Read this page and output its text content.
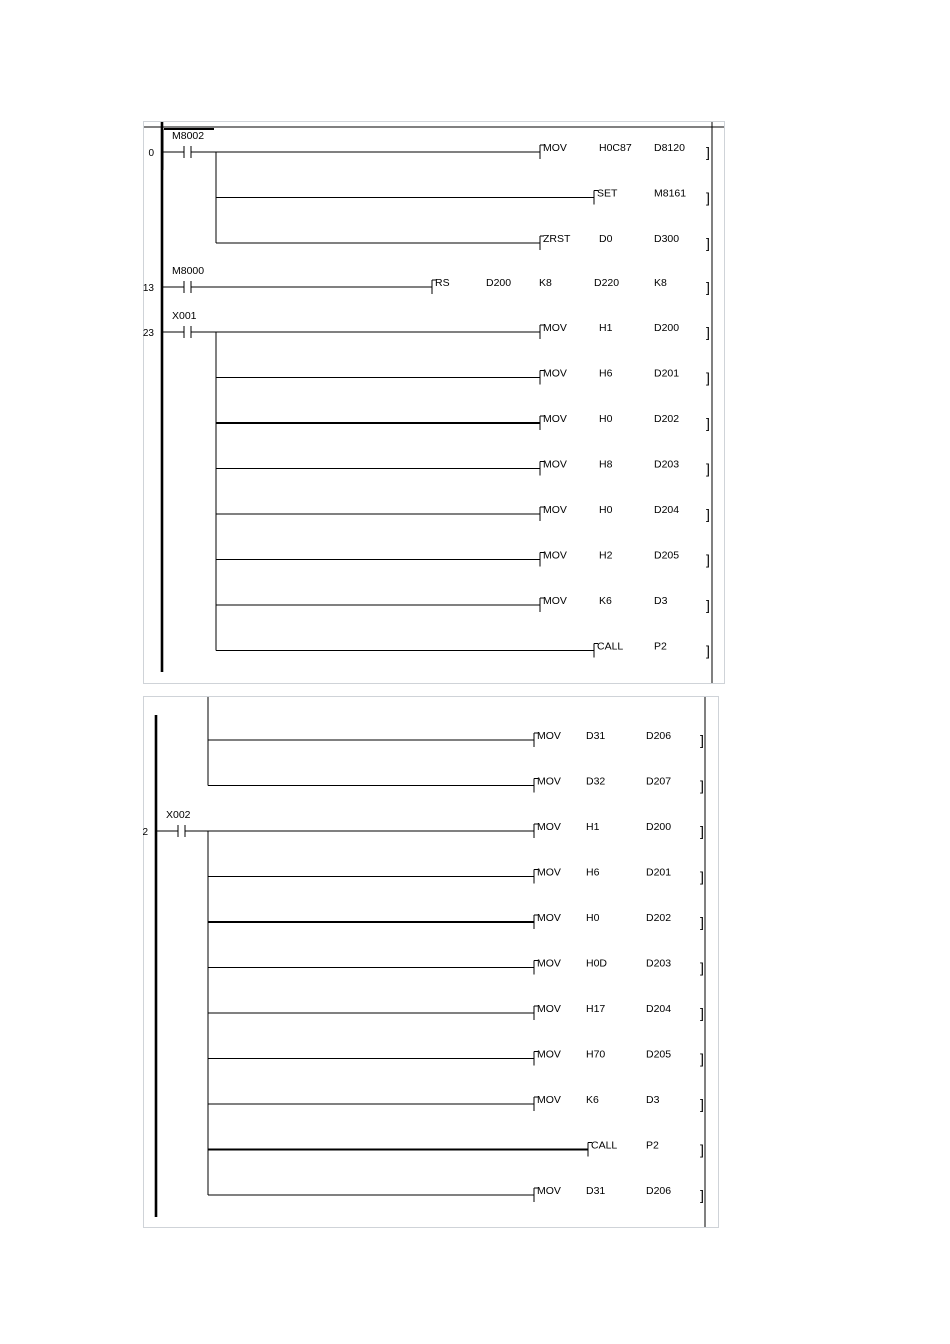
0
M8002
MOV	H0C87 D8120 ]
SET	M8161 ]
ZRST	D0	D300 ]
13
M8000
RS	D200	K8	D220	K8	]
23
X001
MOV	H1	D200 ]
MOV	H6	D201 ]
MOV	H0	D202 ]
MOV	H8	D203 ]
MOV	H0	D204 ]
MOV	H2	D205 ]
MOV	K6	D3	]
CALL	P2	]
MOV D31	D206 ]
MOV D32	D207 ]
2
X002
MOV H1	D200 ]
MOV H6	D201 ]
MOV H0	D202 ]
MOV H0D	D203 ]
MOV H17	D204 ]
MOV H70	D205 ]
MOV K6	D3	]
CALL	P2	]
MOV D31	D206 ]
